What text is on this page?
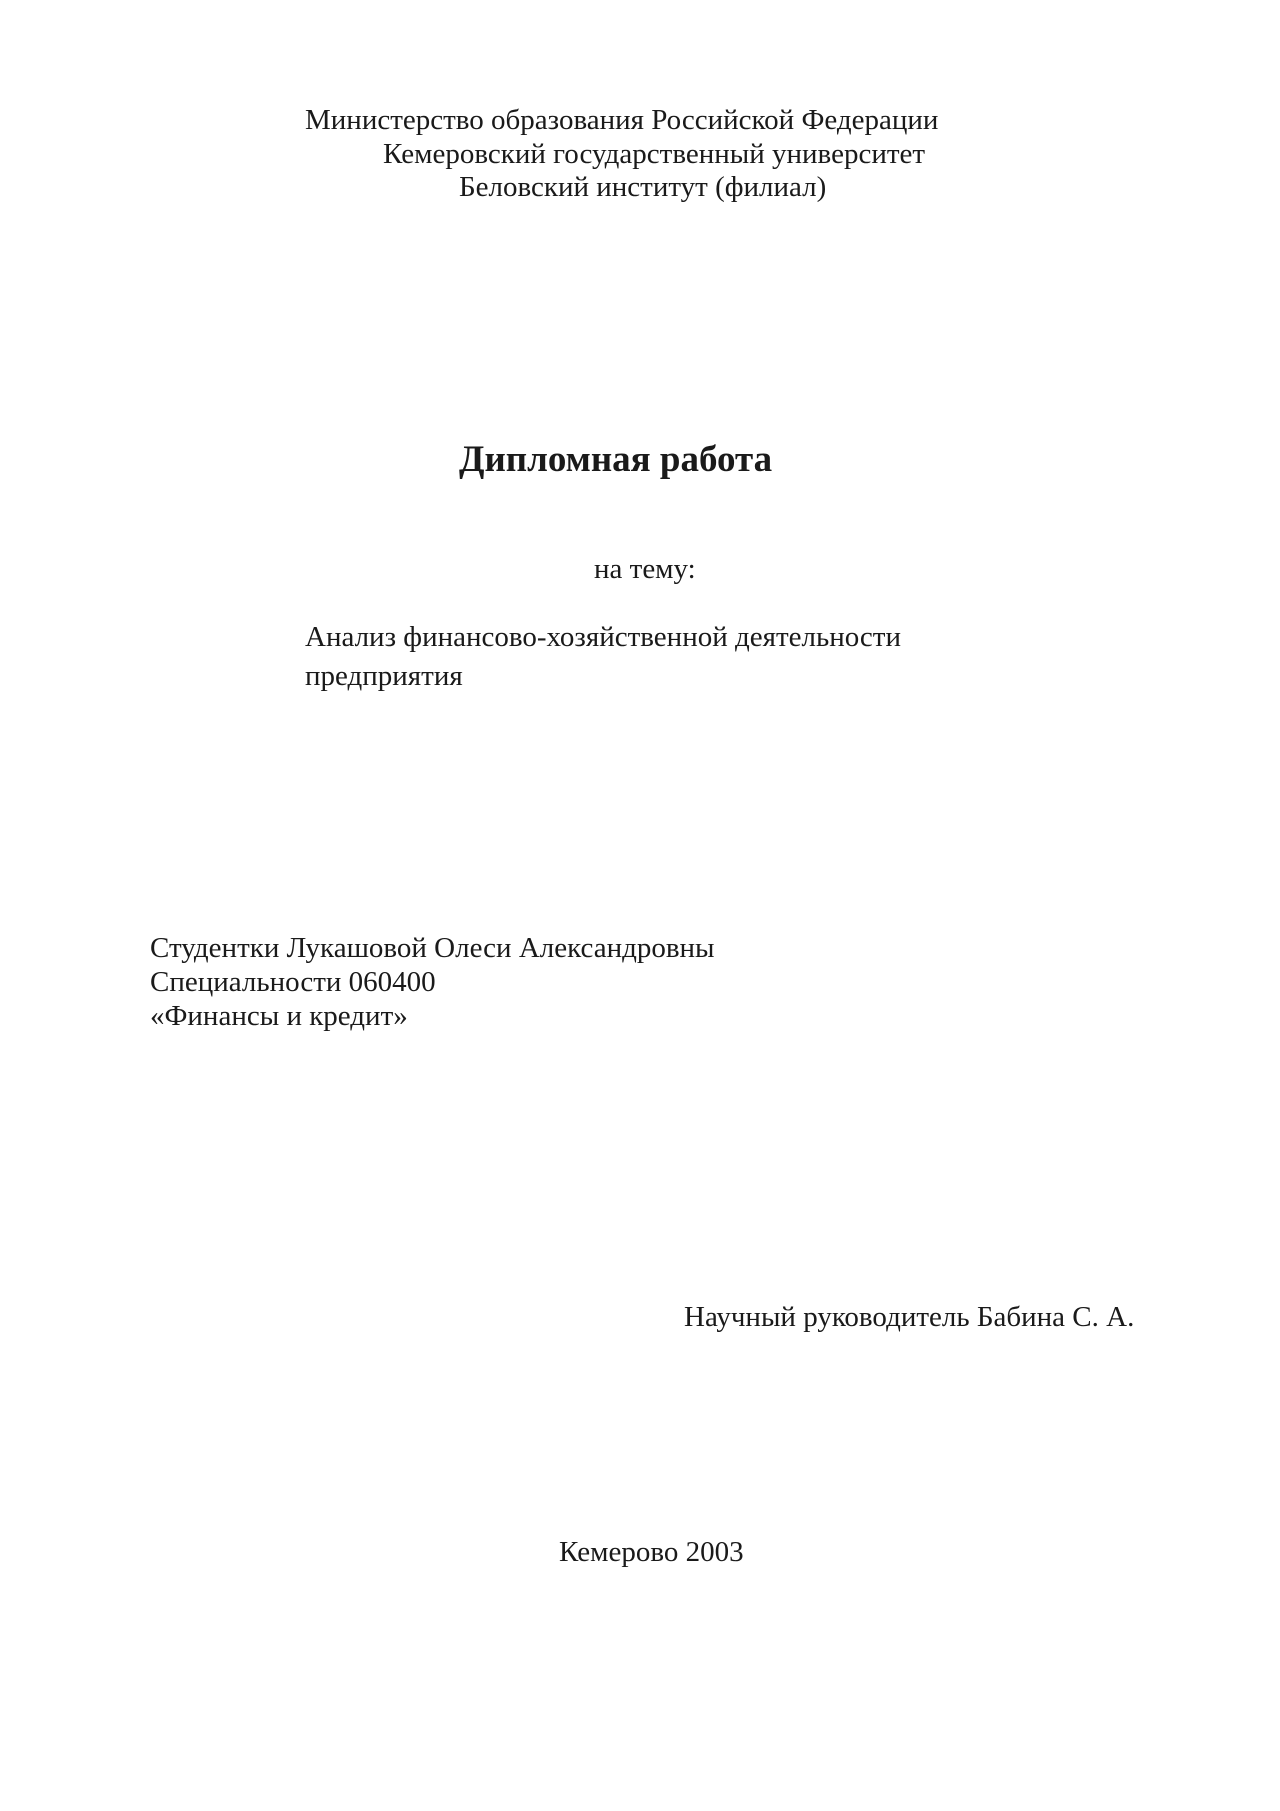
Министерство образования Российской Федерации
Кемеровский государственный университет
Беловский институт (филиал)
Дипломная работа
на тему:
Анализ финансово-хозяйственной деятельности
предприятия
Студентки Лукашовой Олеси Александровны
Специальности 060400
«Финансы и кредит»
Научный руководитель Бабина С. А.
Кемерово 2003
